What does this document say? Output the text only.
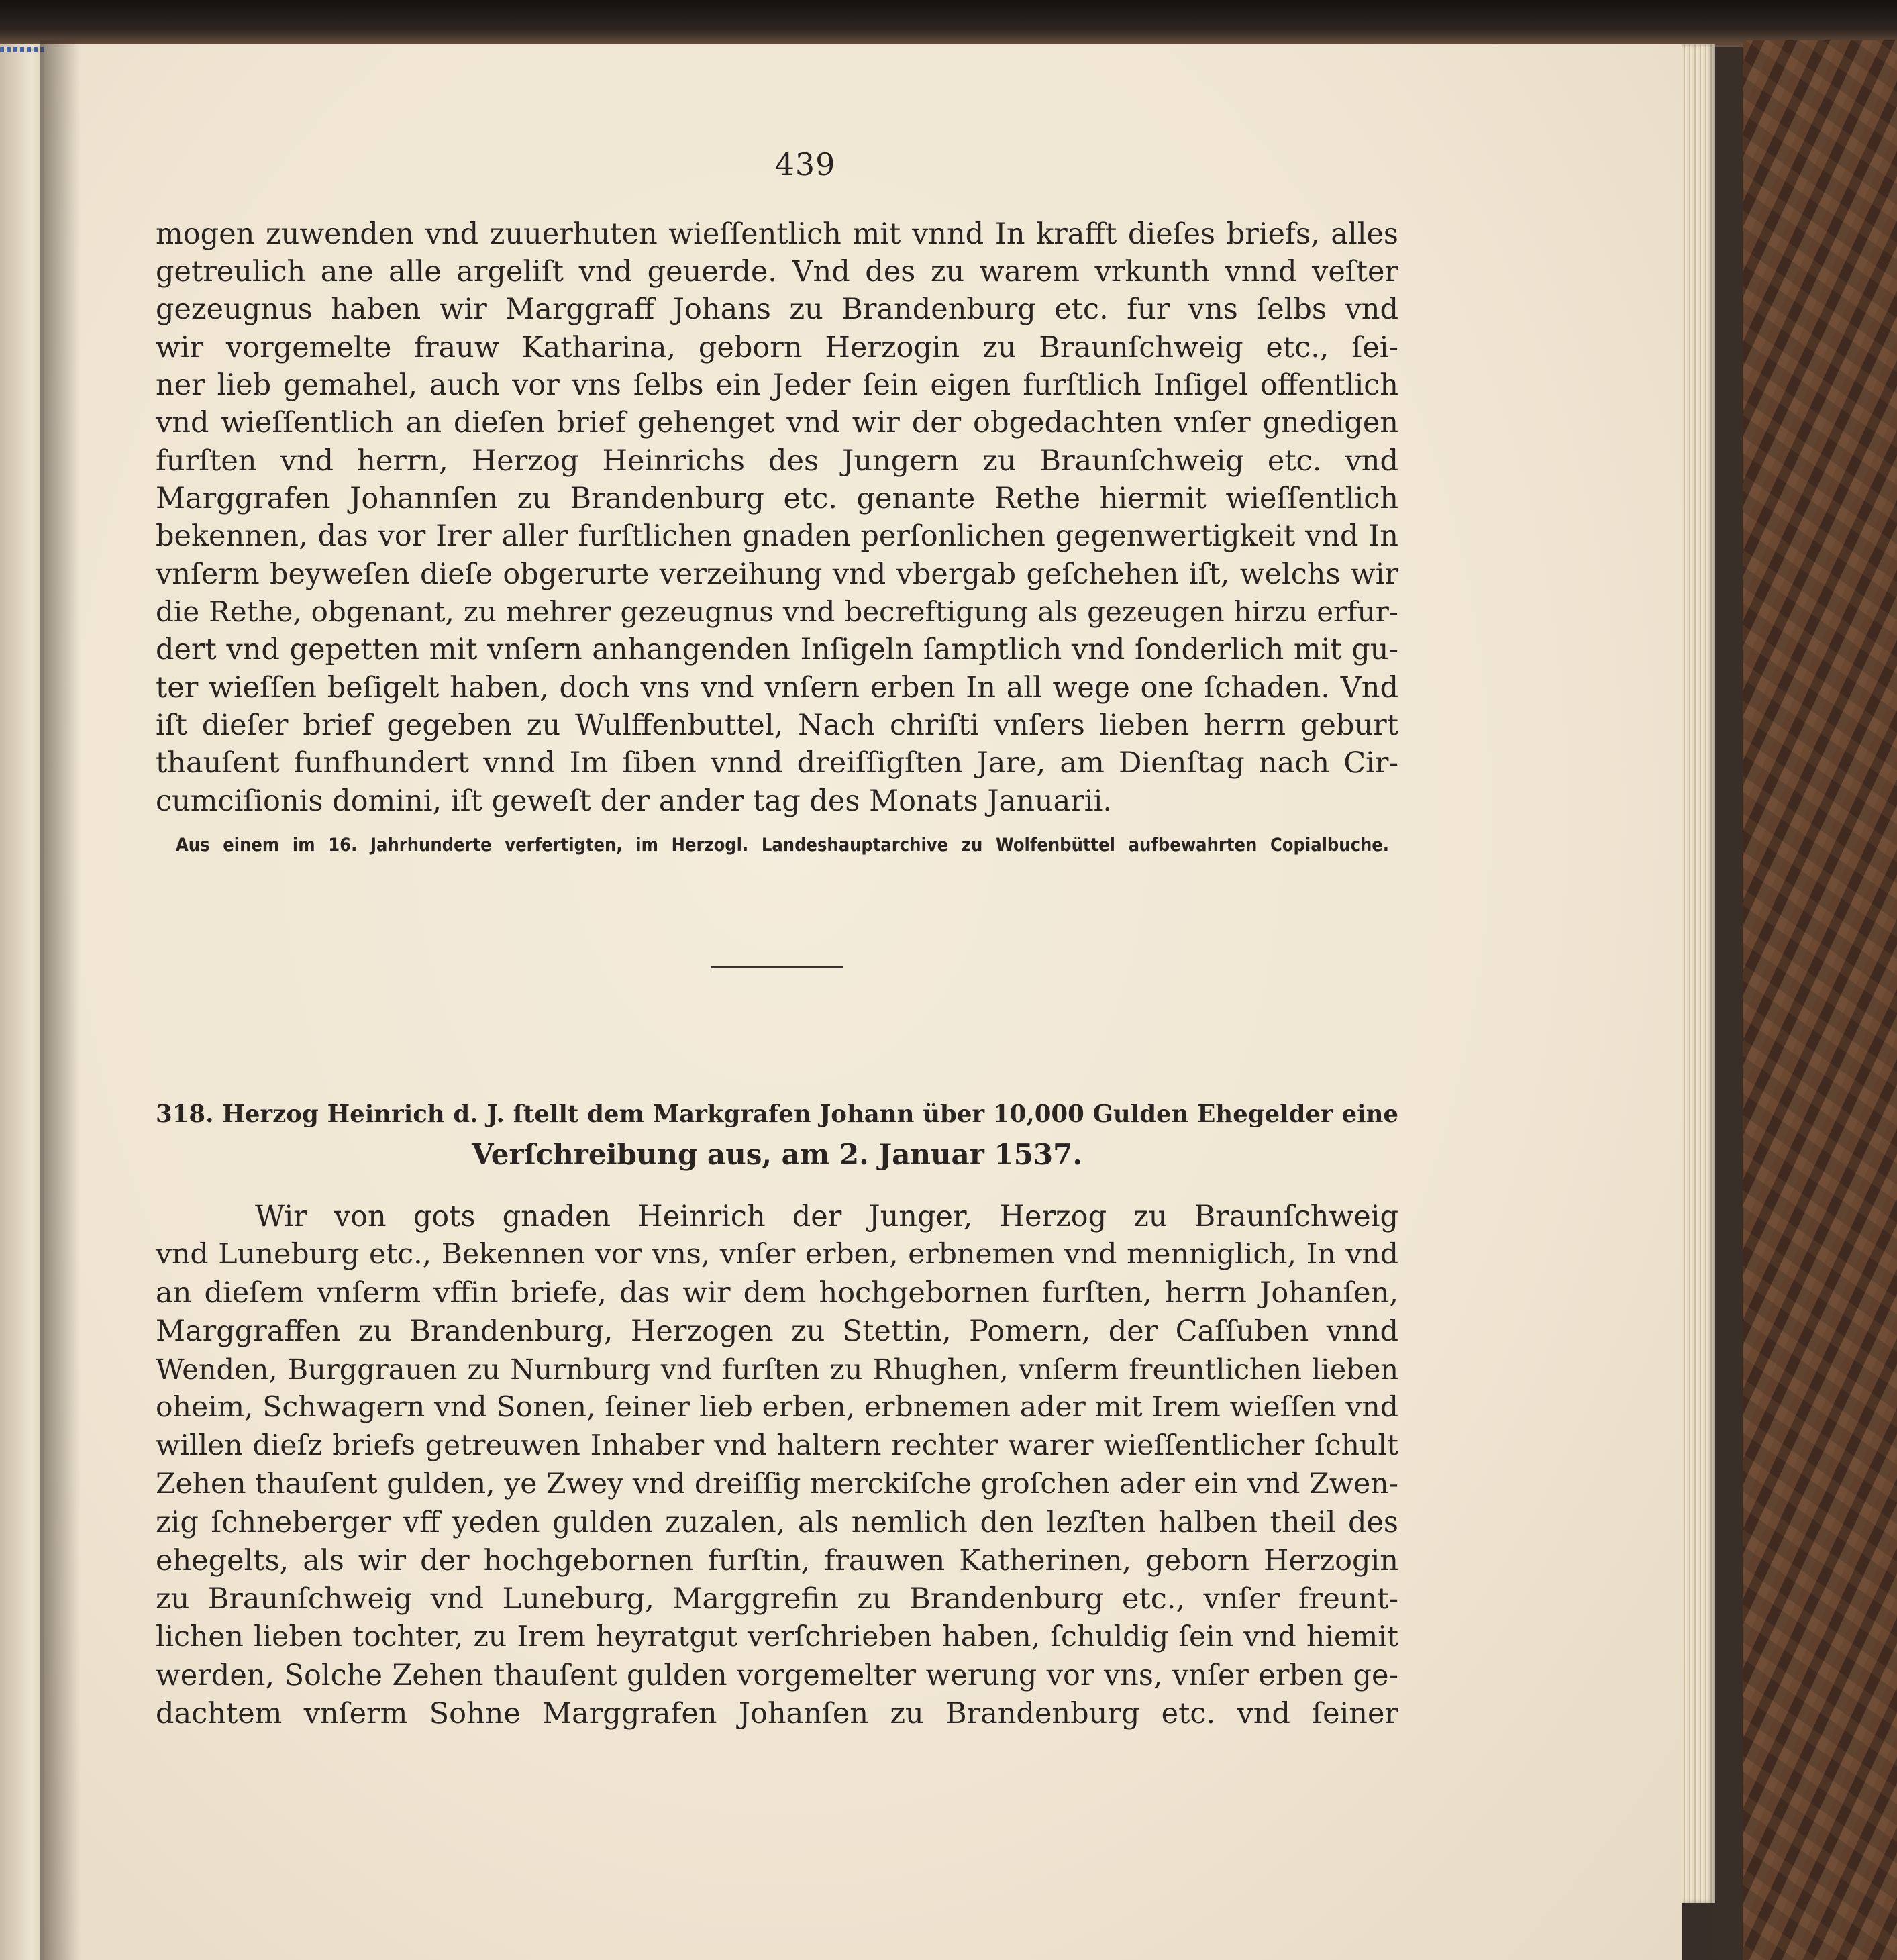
439
mogen zuwenden vnd zuuerhuten wieſſentlich mit vnnd In krafft dieſes briefs, alles
getreulich ane alle argeliſt vnd geuerde. Vnd des zu warem vrkunth vnnd veſter
gezeugnus haben wir Marggraff Johans zu Brandenburg etc. fur vns ſelbs vnd
wir vorgemelte frauw Katharina, geborn Herzogin zu Braunſchweig etc., ſei-
ner lieb gemahel, auch vor vns ſelbs ein Jeder ſein eigen furſtlich Inſigel offentlich
vnd wieſſentlich an dieſen brief gehenget vnd wir der obgedachten vnſer gnedigen
furſten vnd herrn, Herzog Heinrichs des Jungern zu Braunſchweig etc. vnd
Marggrafen Johannſen zu Brandenburg etc. genante Rethe hiermit wieſſentlich
bekennen, das vor Irer aller furſtlichen gnaden perſonlichen gegenwertigkeit vnd In
vnſerm beyweſen dieſe obgerurte verzeihung vnd vbergab geſchehen iſt, welchs wir
die Rethe, obgenant, zu mehrer gezeugnus vnd becreftigung als gezeugen hirzu erfur-
dert vnd gepetten mit vnſern anhangenden Inſigeln ſamptlich vnd ſonderlich mit gu-
ter wieſſen beſigelt haben, doch vns vnd vnſern erben In all wege one ſchaden. Vnd
iſt dieſer brief gegeben zu Wulffenbuttel, Nach chriſti vnſers lieben herrn geburt
thauſent funfhundert vnnd Im ſiben vnnd dreiſſigſten Jare, am Dienſtag nach Cir-
cumciſionis domini, iſt geweſt der ander tag des Monats Januarii.
Aus einem im 16. Jahrhunderte verfertigten, im Herzogl. Landeshauptarchive zu Wolfenbüttel aufbewahrten Copialbuche.
318. Herzog Heinrich d. J. ſtellt dem Markgrafen Johann über 10,000 Gulden Ehegelder eine
Verſchreibung aus, am 2. Januar 1537.
Wir von gots gnaden Heinrich der Junger, Herzog zu Braunſchweig
vnd Luneburg etc., Bekennen vor vns, vnſer erben, erbnemen vnd menniglich, In vnd
an dieſem vnſerm vffin briefe, das wir dem hochgebornen furſten, herrn Johanſen,
Marggraffen zu Brandenburg, Herzogen zu Stettin, Pomern, der Caſſuben vnnd
Wenden, Burggrauen zu Nurnburg vnd furſten zu Rhughen, vnſerm freuntlichen lieben
oheim, Schwagern vnd Sonen, ſeiner lieb erben, erbnemen ader mit Irem wieſſen vnd
willen dieſz briefs getreuwen Inhaber vnd haltern rechter warer wieſſentlicher ſchult
Zehen thauſent gulden, ye Zwey vnd dreiſſig merckiſche groſchen ader ein vnd Zwen-
zig ſchneberger vff yeden gulden zuzalen, als nemlich den lezſten halben theil des
ehegelts, als wir der hochgebornen furſtin, frauwen Katherinen, geborn Herzogin
zu Braunſchweig vnd Luneburg, Marggrefin zu Brandenburg etc., vnſer freunt-
lichen lieben tochter, zu Irem heyratgut verſchrieben haben, ſchuldig ſein vnd hiemit
werden, Solche Zehen thauſent gulden vorgemelter werung vor vns, vnſer erben ge-
dachtem vnſerm Sohne Marggrafen Johanſen zu Brandenburg etc. vnd ſeiner
